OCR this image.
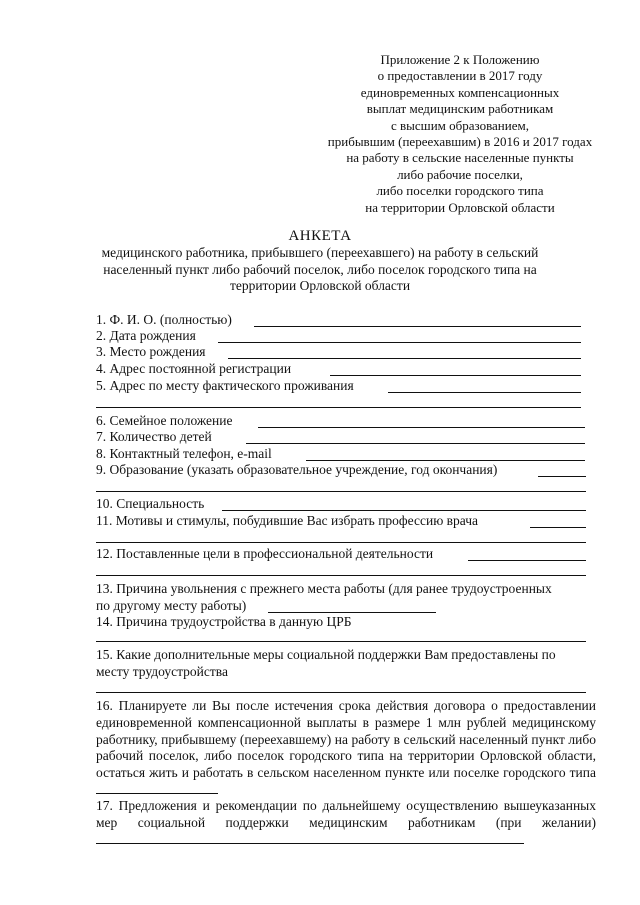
Приложение 2 к Положению
о предоставлении в 2017 году
единовременных компенсационных
выплат медицинским работникам
с высшим образованием,
прибывшим (переехавшим) в 2016 и 2017 годах
на работу в сельские населенные пункты
либо рабочие поселки,
либо поселки городского типа
на территории Орловской области
АНКЕТА
медицинского работника, прибывшего (переехавшего) на работу в сельский
населенный пункт либо рабочий поселок, либо поселок городского типа на
территории Орловской области
1. Ф. И. О. (полностью)
2. Дата рождения
3. Место рождения
4. Адрес постоянной регистрации
5. Адрес по месту фактического проживания
6. Семейное положение
7. Количество детей
8. Контактный телефон, e-mail
9. Образование (указать образовательное учреждение, год окончания)
10. Специальность
11. Мотивы и стимулы, побудившие Вас избрать профессию врача
12. Поставленные цели в профессиональной деятельности
13. Причина увольнения с прежнего места работы (для ранее трудоустроенных
по другому месту работы)
14. Причина трудоустройства в данную ЦРБ
15. Какие дополнительные меры социальной поддержки Вам предоставлены по
месту трудоустройства
16. Планируете ли Вы после истечения срока действия договора о предоставлении единовременной компенсационной выплаты в размере 1 млн рублей медицинскому работнику, прибывшему (переехавшему) на работу в сельский населенный пункт либо рабочий поселок, либо поселок городского типа на территории Орловской области, остаться жить и работать в сельском населенном пункте или поселке городского типа
17. Предложения и рекомендации по дальнейшему осуществлению вышеуказанных мер социальной поддержки медицинским работникам (при желании)
